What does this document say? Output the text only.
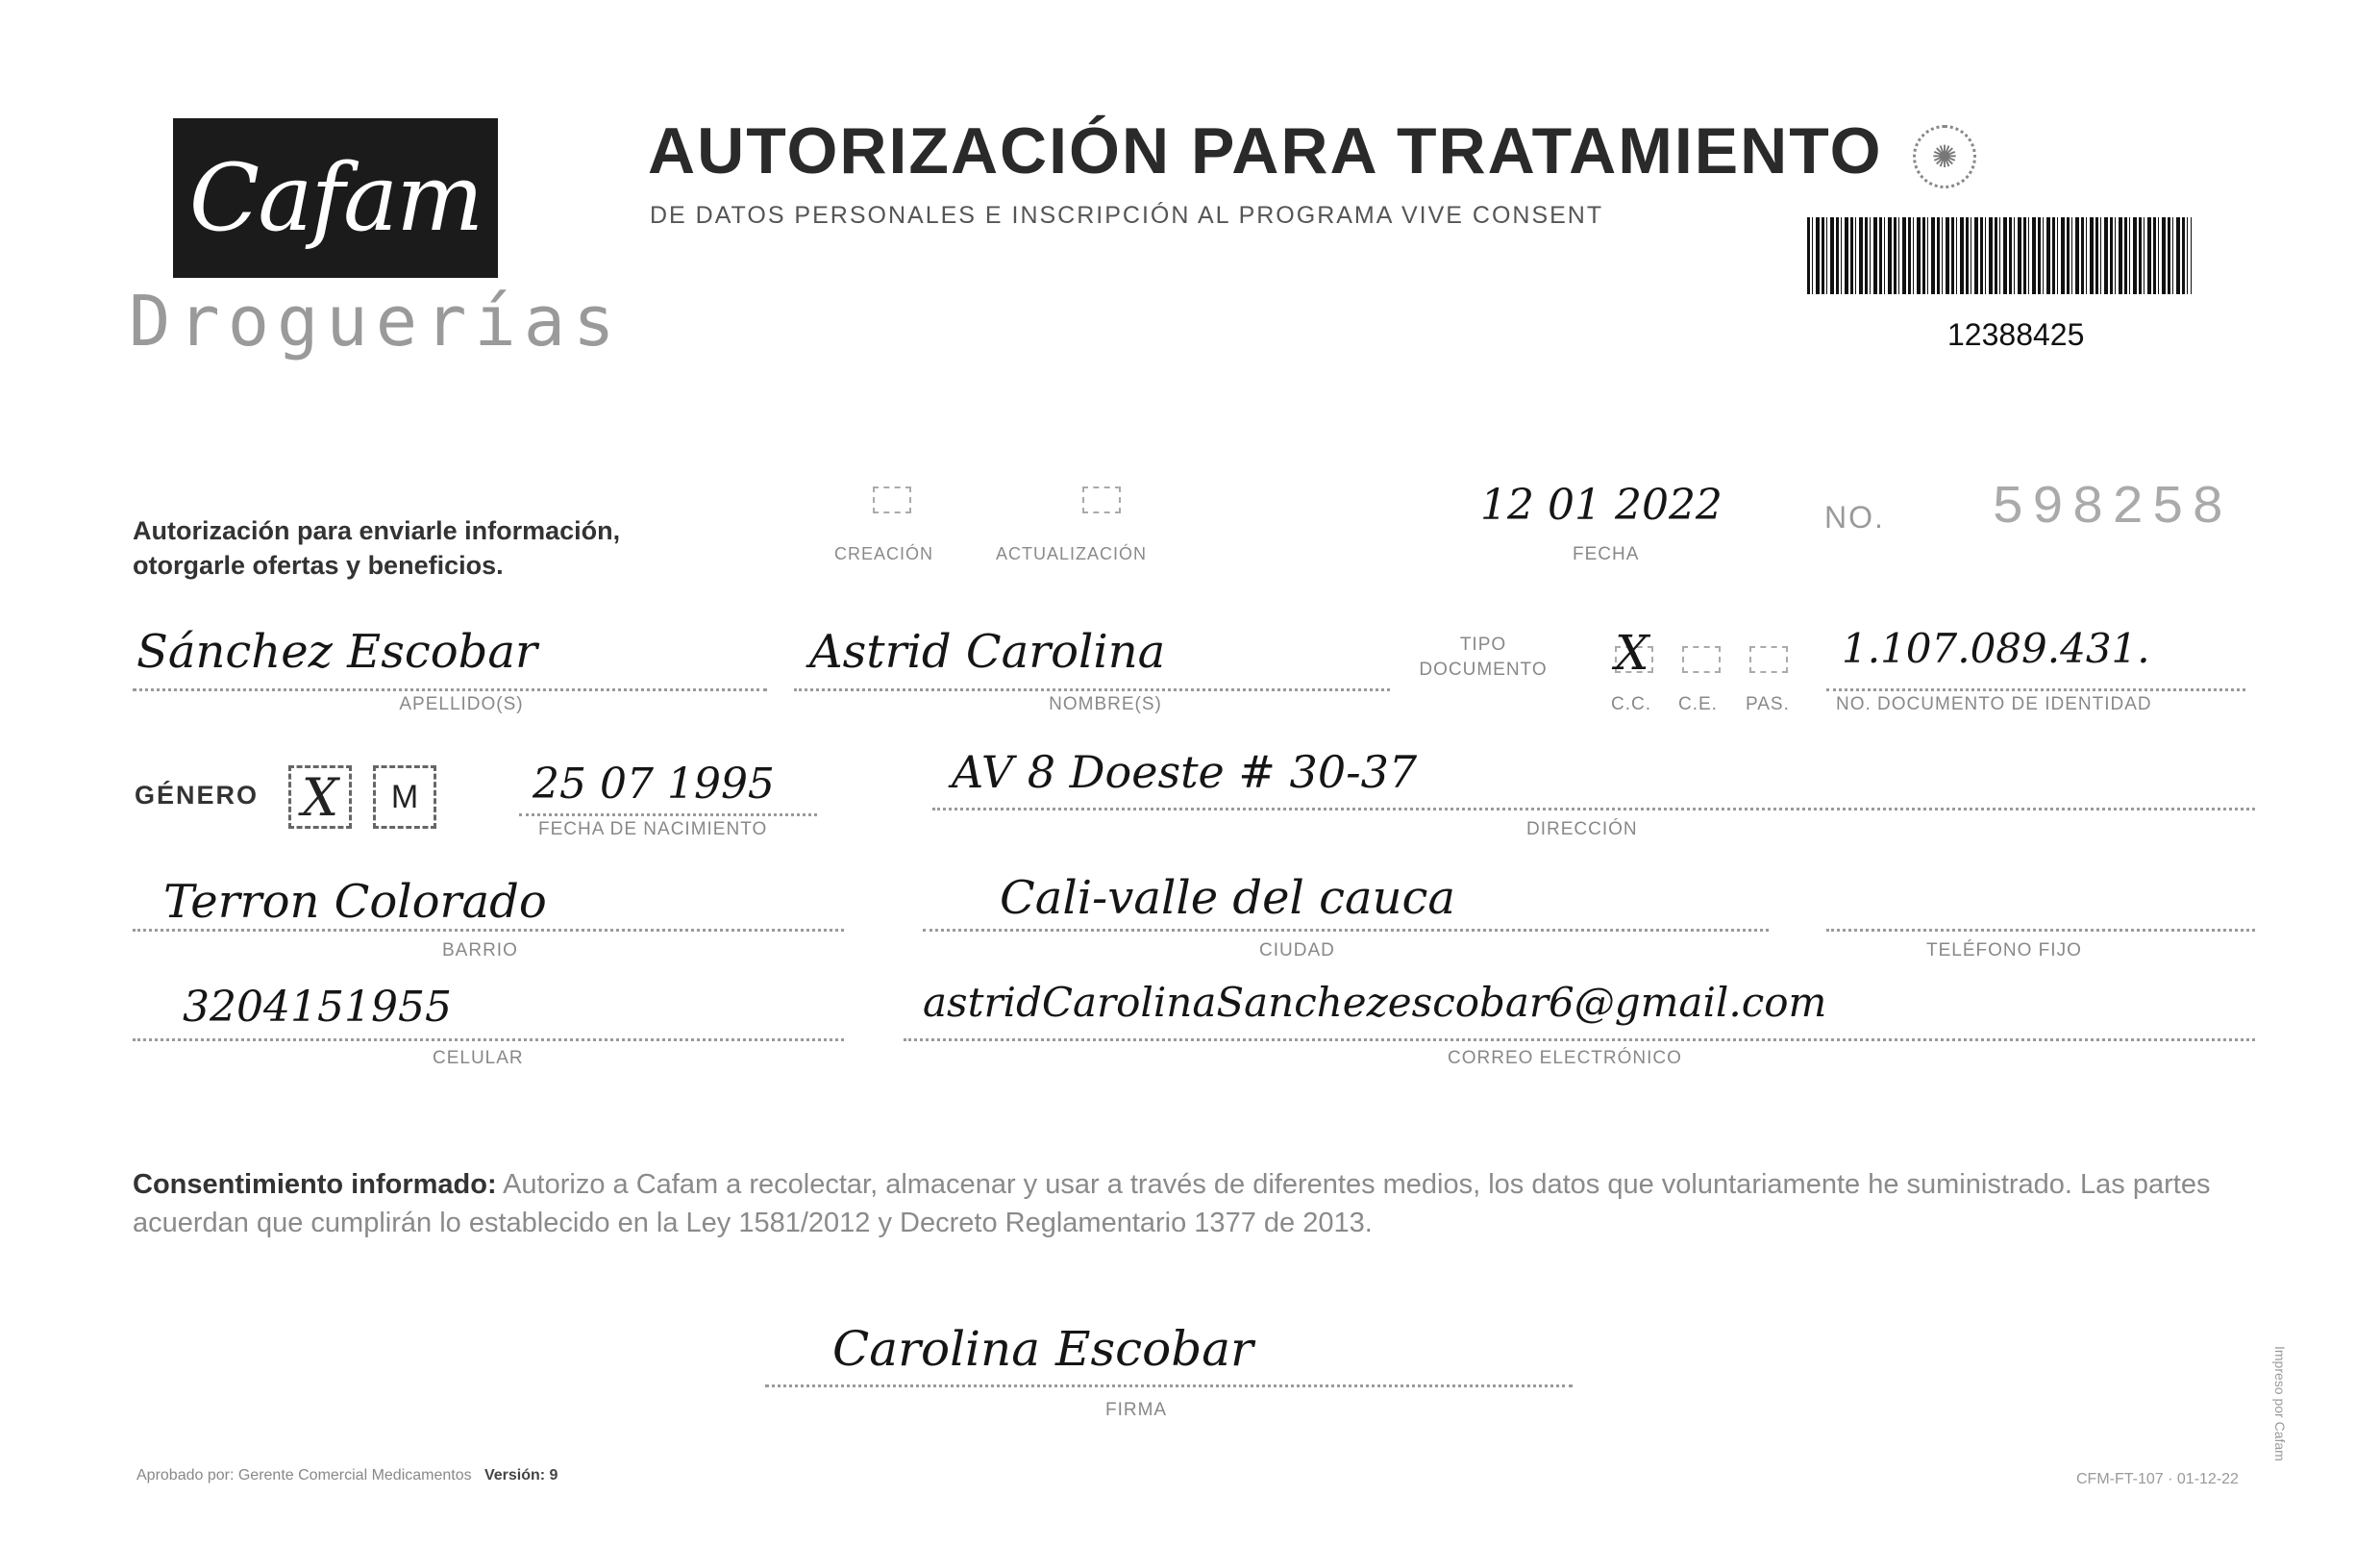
Cafam
Droguerías
AUTORIZACIÓN PARA TRATAMIENTO
DE DATOS PERSONALES E INSCRIPCIÓN AL PROGRAMA VIVE CONSENT
✺
12388425
Autorización para enviarle información,
otorgarle ofertas y beneficios.	CREACIÓN	ACTUALIZACIÓN
12 01 2022
FECHA
NO. 598258
Sánchez Escobar
APELLIDO(S)
Astrid Carolina
NOMBRE(S)
TIPO DOCUMENTO X
C.C. C.E. PAS.
1.107.089.431.
NO. DOCUMENTO DE IDENTIDAD
GÉNERO X M	25 07 1995
FECHA DE NACIMIENTO
AV 8 Doeste # 30-37
DIRECCIÓN
Terron Colorado
BARRIO
Cali-valle del cauca
CIUDAD	TELÉFONO FIJO
3204151955
CELULAR
astridCarolinaSanchezescobar6@gmail.com
CORREO ELECTRÓNICO
Consentimiento informado: Autorizo a Cafam a recolectar, almacenar y usar a través de diferentes medios, los datos que voluntariamente he suministrado. Las partes acuerdan que cumplirán lo establecido en la Ley 1581/2012 y Decreto Reglamentario 1377 de 2013.
Carolina Escobar
FIRMA
Aprobado por: Gerente Comercial Medicamentos Versión: 9	CFM-FT-107 · 01-12-22
Impreso por Cafam
